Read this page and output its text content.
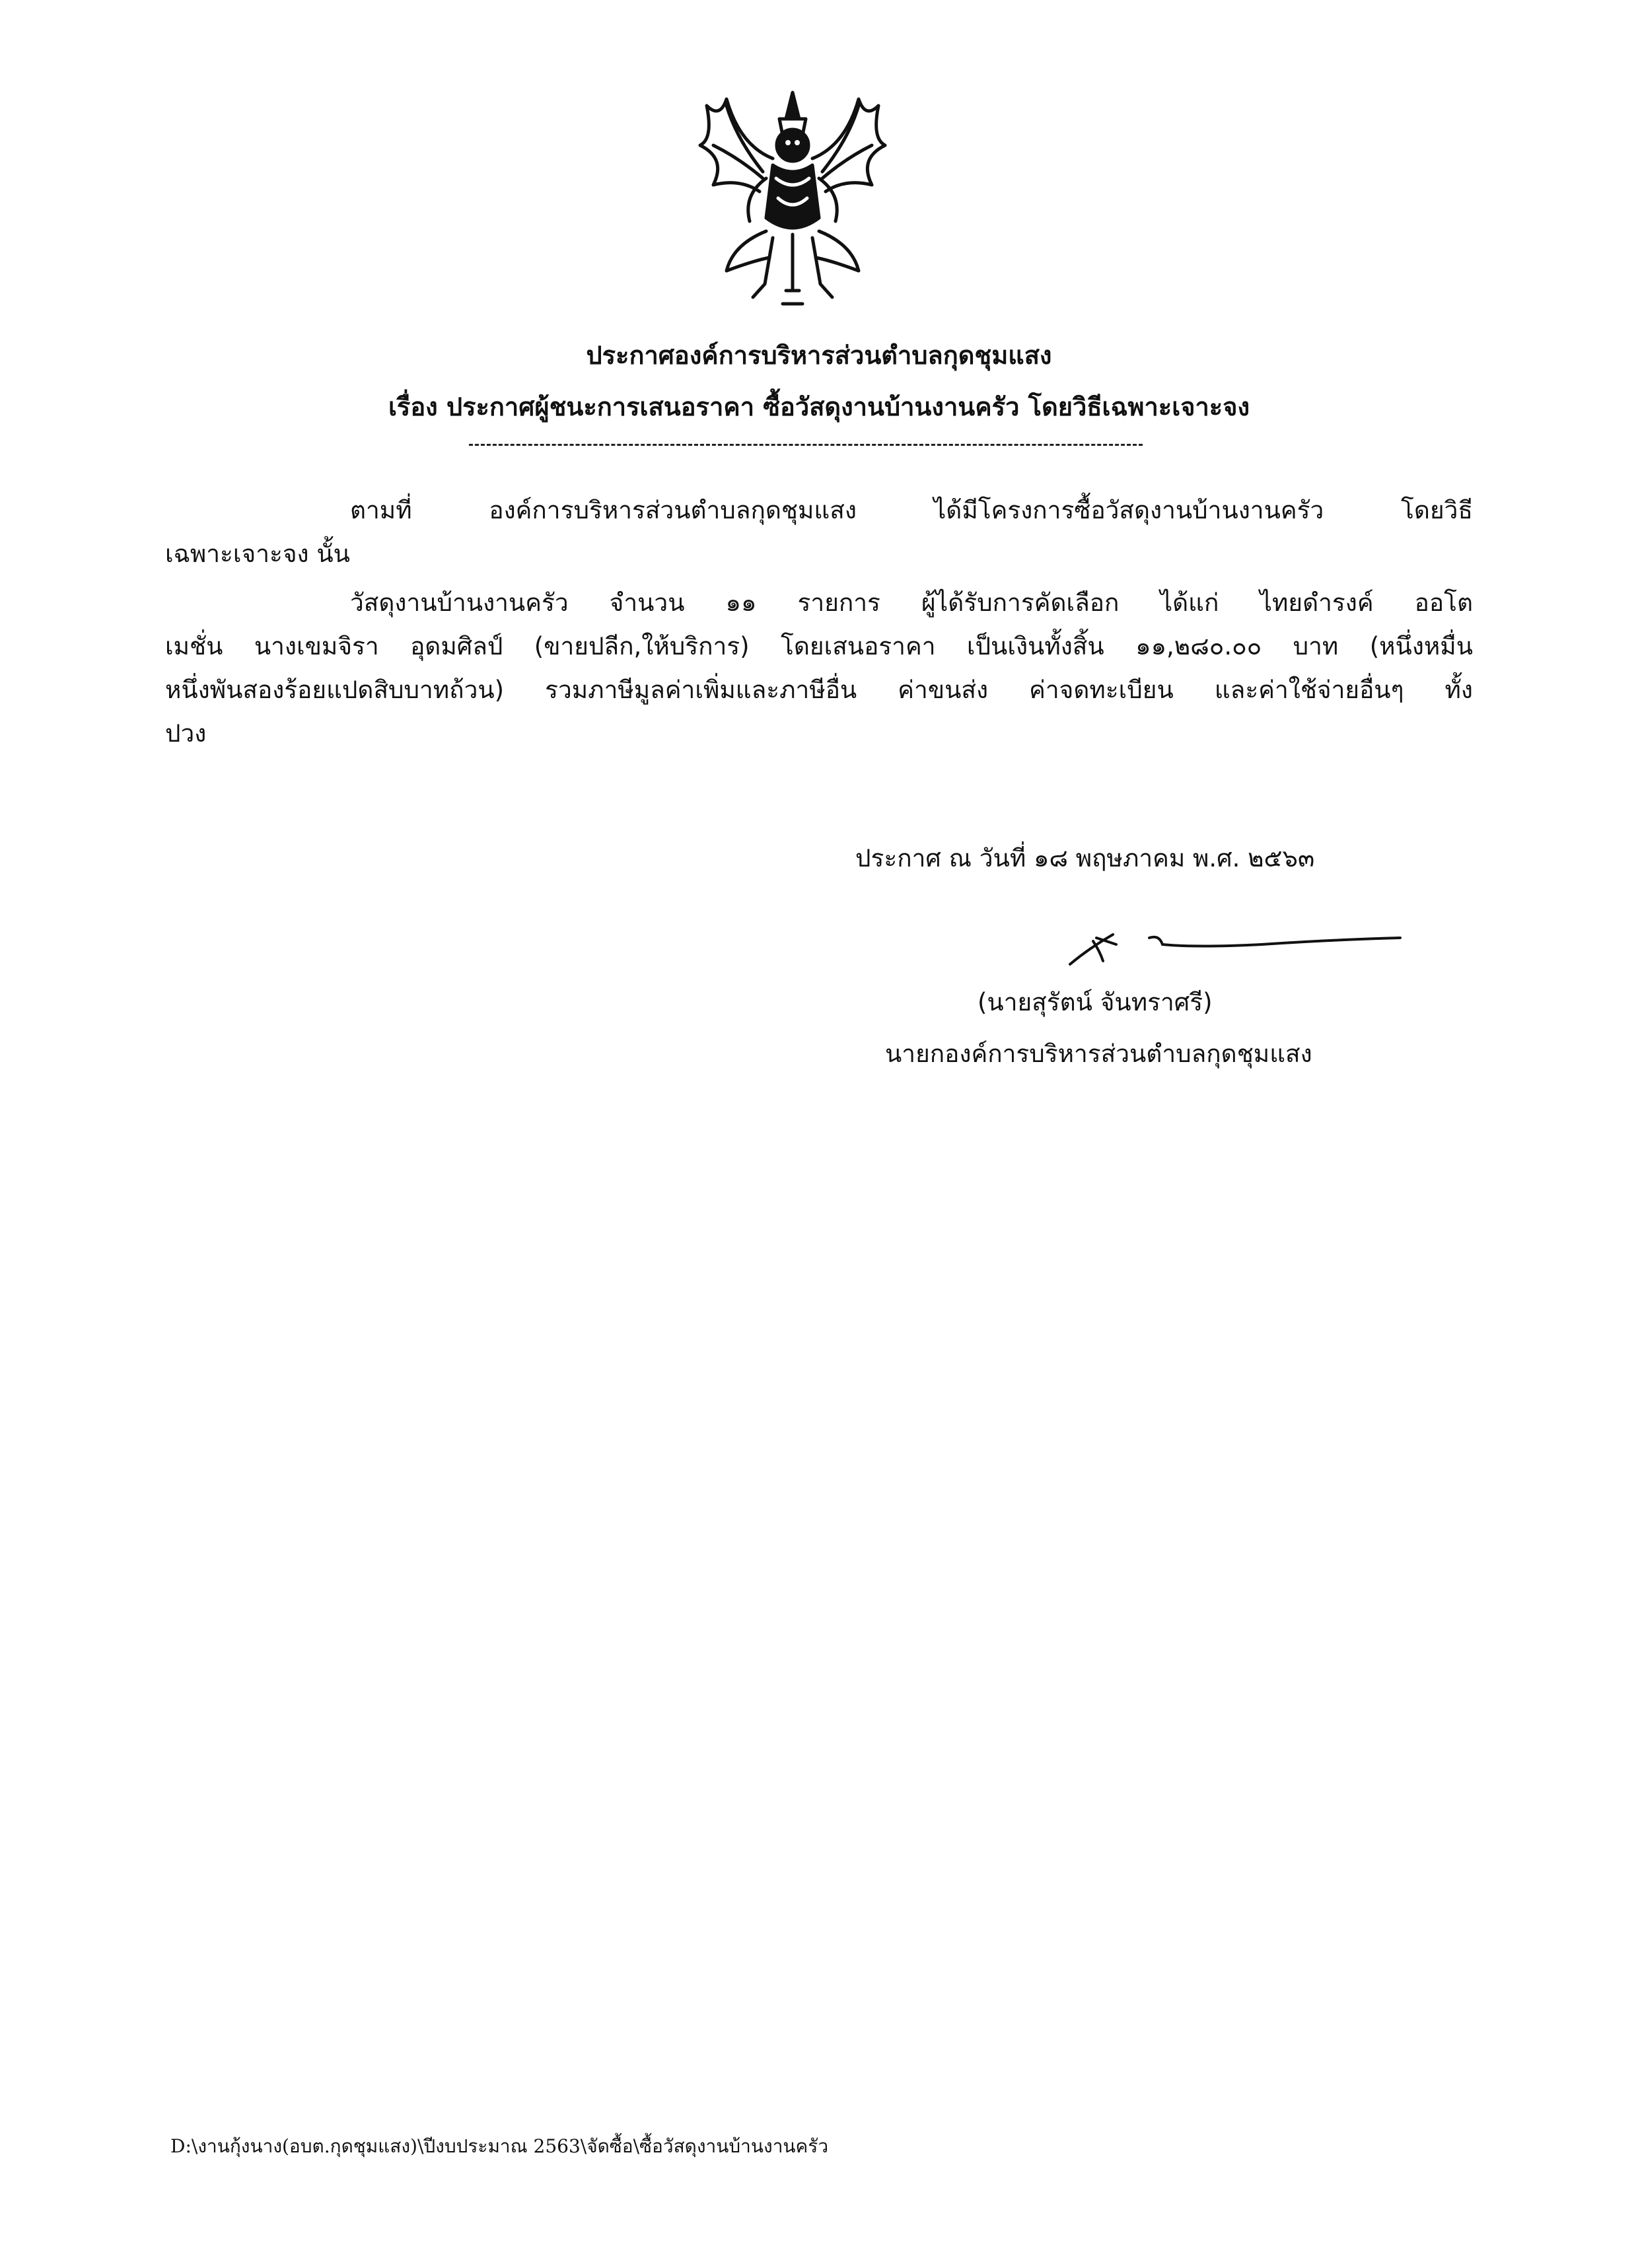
ประกาศองค์การบริหารส่วนตำบลกุดชุมแสง
เรื่อง ประกาศผู้ชนะการเสนอราคา ซื้อวัสดุงานบ้านงานครัว โดยวิธีเฉพาะเจาะจง
ตามที่ องค์การบริหารส่วนตำบลกุดชุมแสง ได้มีโครงการซื้อวัสดุงานบ้านงานครัว โดยวิธี
เฉพาะเจาะจง นั้น
วัสดุงานบ้านงานครัว จำนวน ๑๑ รายการ ผู้ได้รับการคัดเลือก ได้แก่ ไทยดำรงค์ ออโต
เมชั่น นางเขมจิรา อุดมศิลป์ (ขายปลีก,ให้บริการ) โดยเสนอราคา เป็นเงินทั้งสิ้น ๑๑,๒๘๐.๐๐ บาท (หนึ่งหมื่น
หนึ่งพันสองร้อยแปดสิบบาทถ้วน) รวมภาษีมูลค่าเพิ่มและภาษีอื่น ค่าขนส่ง ค่าจดทะเบียน และค่าใช้จ่ายอื่นๆ ทั้ง
ปวง
ประกาศ ณ วันที่ ๑๘ พฤษภาคม พ.ศ. ๒๕๖๓
(นายสุรัตน์ จันทราศรี)
นายกองค์การบริหารส่วนตำบลกุดชุมแสง
D:\งานกุ้งนาง(อบต.กุดชุมแสง)\ปีงบประมาณ 2563\จัดซื้อ\ซื้อวัสดุงานบ้านงานครัว
